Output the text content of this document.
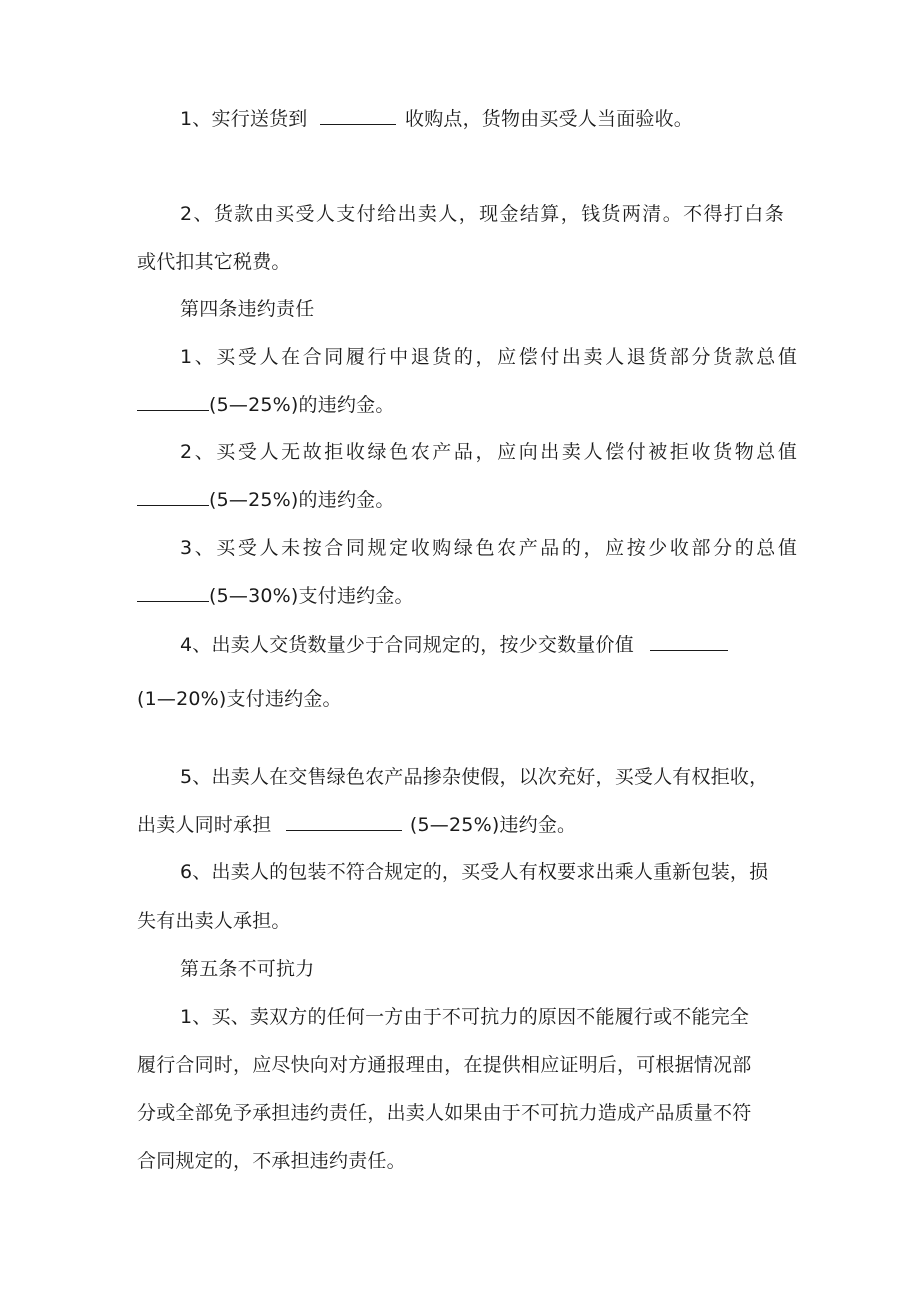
1、实行送货到	收购点，货物由买受人当面验收。
2、货款由买受人支付给出卖人，现金结算，钱货两清。不得打白条
或代扣其它税费。
第四条违约责任
1、买受人在合同履行中退货的，应偿付出卖人退货部分货款总值
(5—25%)的违约金。
2、买受人无故拒收绿色农产品，应向出卖人偿付被拒收货物总值
(5—25%)的违约金。
3、买受人未按合同规定收购绿色农产品的，应按少收部分的总值
(5—30%)支付违约金。
4、出卖人交货数量少于合同规定的，按少交数量价值
(1—20%)支付违约金。
5、出卖人在交售绿色农产品掺杂使假，以次充好，买受人有权拒收，
出卖人同时承担	(5—25%)违约金。
6、出卖人的包装不符合规定的，买受人有权要求出乘人重新包装，损
失有出卖人承担。
第五条不可抗力
1、买、卖双方的任何一方由于不可抗力的原因不能履行或不能完全
履行合同时，应尽快向对方通报理由，在提供相应证明后，可根据情况部
分或全部免予承担违约责任，出卖人如果由于不可抗力造成产品质量不符
合同规定的，不承担违约责任。
